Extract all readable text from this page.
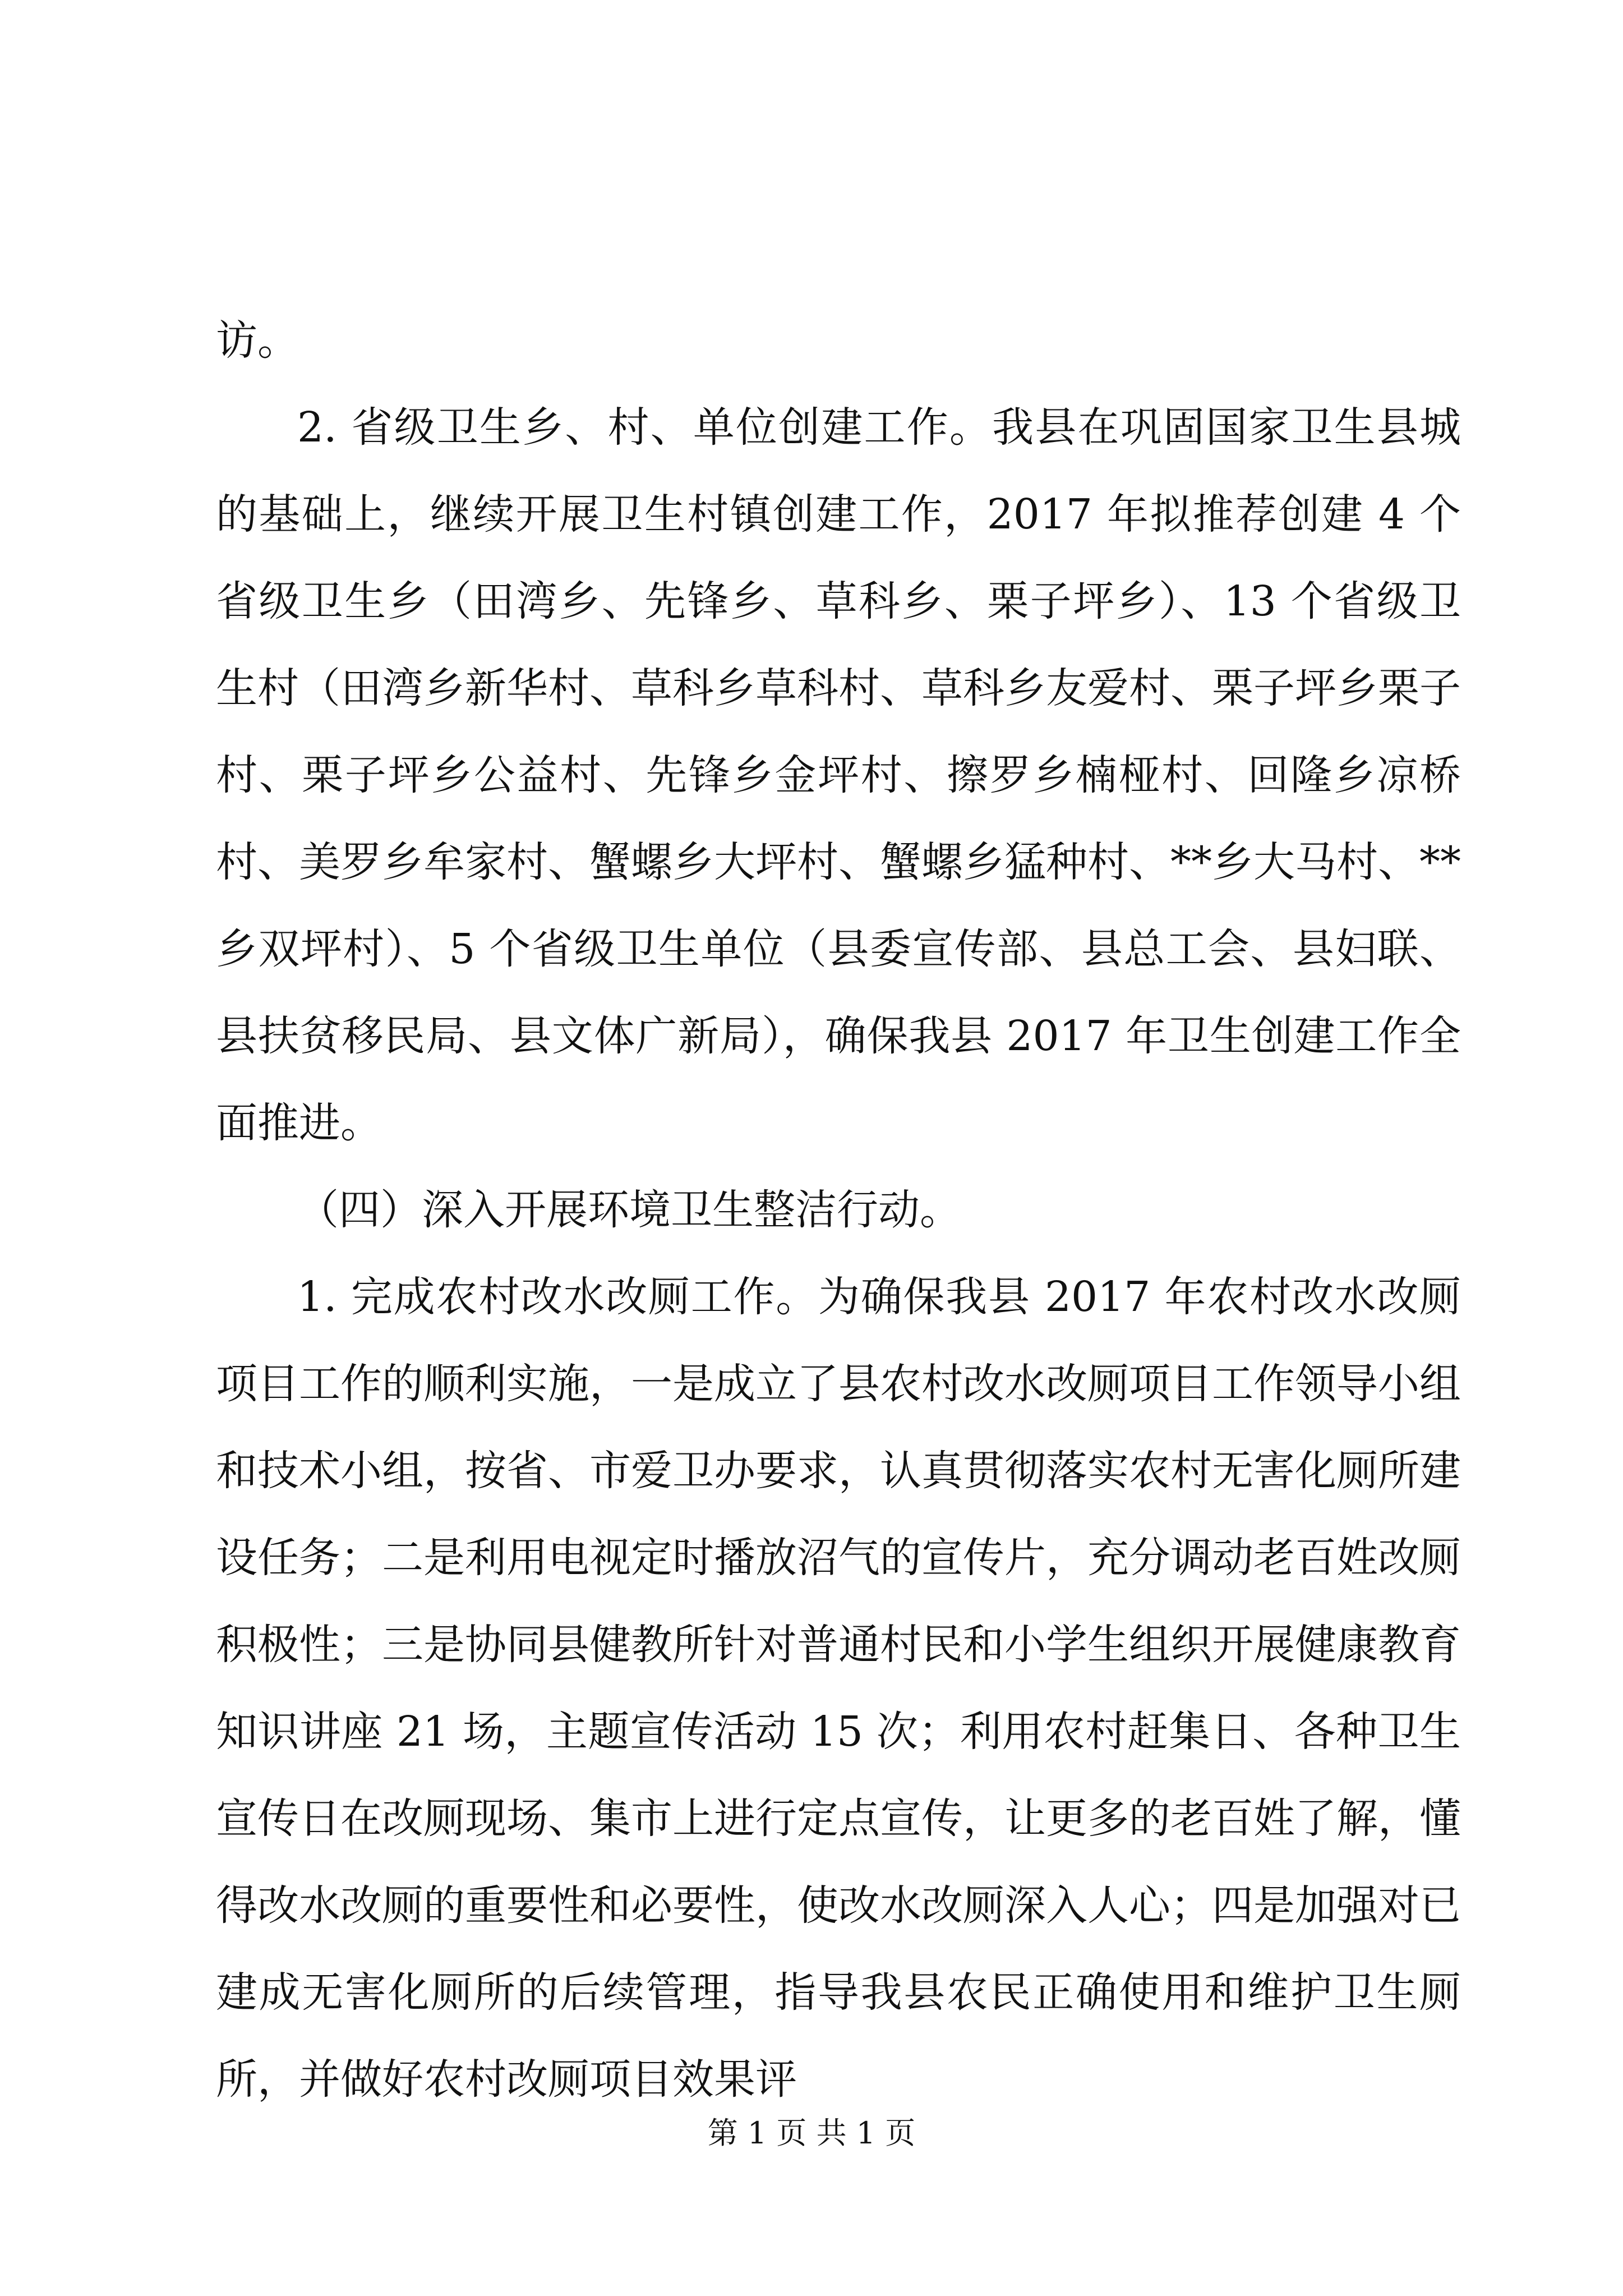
访。

2. 省级卫生乡、村、单位创建工作。我县在巩固国家卫生县城的基础上，继续开展卫生村镇创建工作，2017 年拟推荐创建 4 个省级卫生乡（田湾乡、先锋乡、草科乡、栗子坪乡）、13 个省级卫生村（田湾乡新华村、草科乡草科村、草科乡友爱村、栗子坪乡栗子村、栗子坪乡公益村、先锋乡金坪村、擦罗乡楠桠村、回隆乡凉桥村、美罗乡牟家村、蟹螺乡大坪村、蟹螺乡猛种村、**乡大马村、**乡双坪村）、5 个省级卫生单位（县委宣传部、县总工会、县妇联、县扶贫移民局、县文体广新局），确保我县 2017 年卫生创建工作全面推进。

（四）深入开展环境卫生整洁行动。

1. 完成农村改水改厕工作。为确保我县 2017 年农村改水改厕项目工作的顺利实施，一是成立了县农村改水改厕项目工作领导小组和技术小组，按省、市爱卫办要求，认真贯彻落实农村无害化厕所建设任务；二是利用电视定时播放沼气的宣传片，充分调动老百姓改厕积极性；三是协同县健教所针对普通村民和小学生组织开展健康教育知识讲座 21 场，主题宣传活动 15 次；利用农村赶集日、各种卫生宣传日在改厕现场、集市上进行定点宣传，让更多的老百姓了解，懂得改水改厕的重要性和必要性，使改水改厕深入人心；四是加强对已建成无害化厕所的后续管理，指导我县农民正确使用和维护卫生厕所，并做好农村改厕项目效果评

第 1 页 共 1 页
